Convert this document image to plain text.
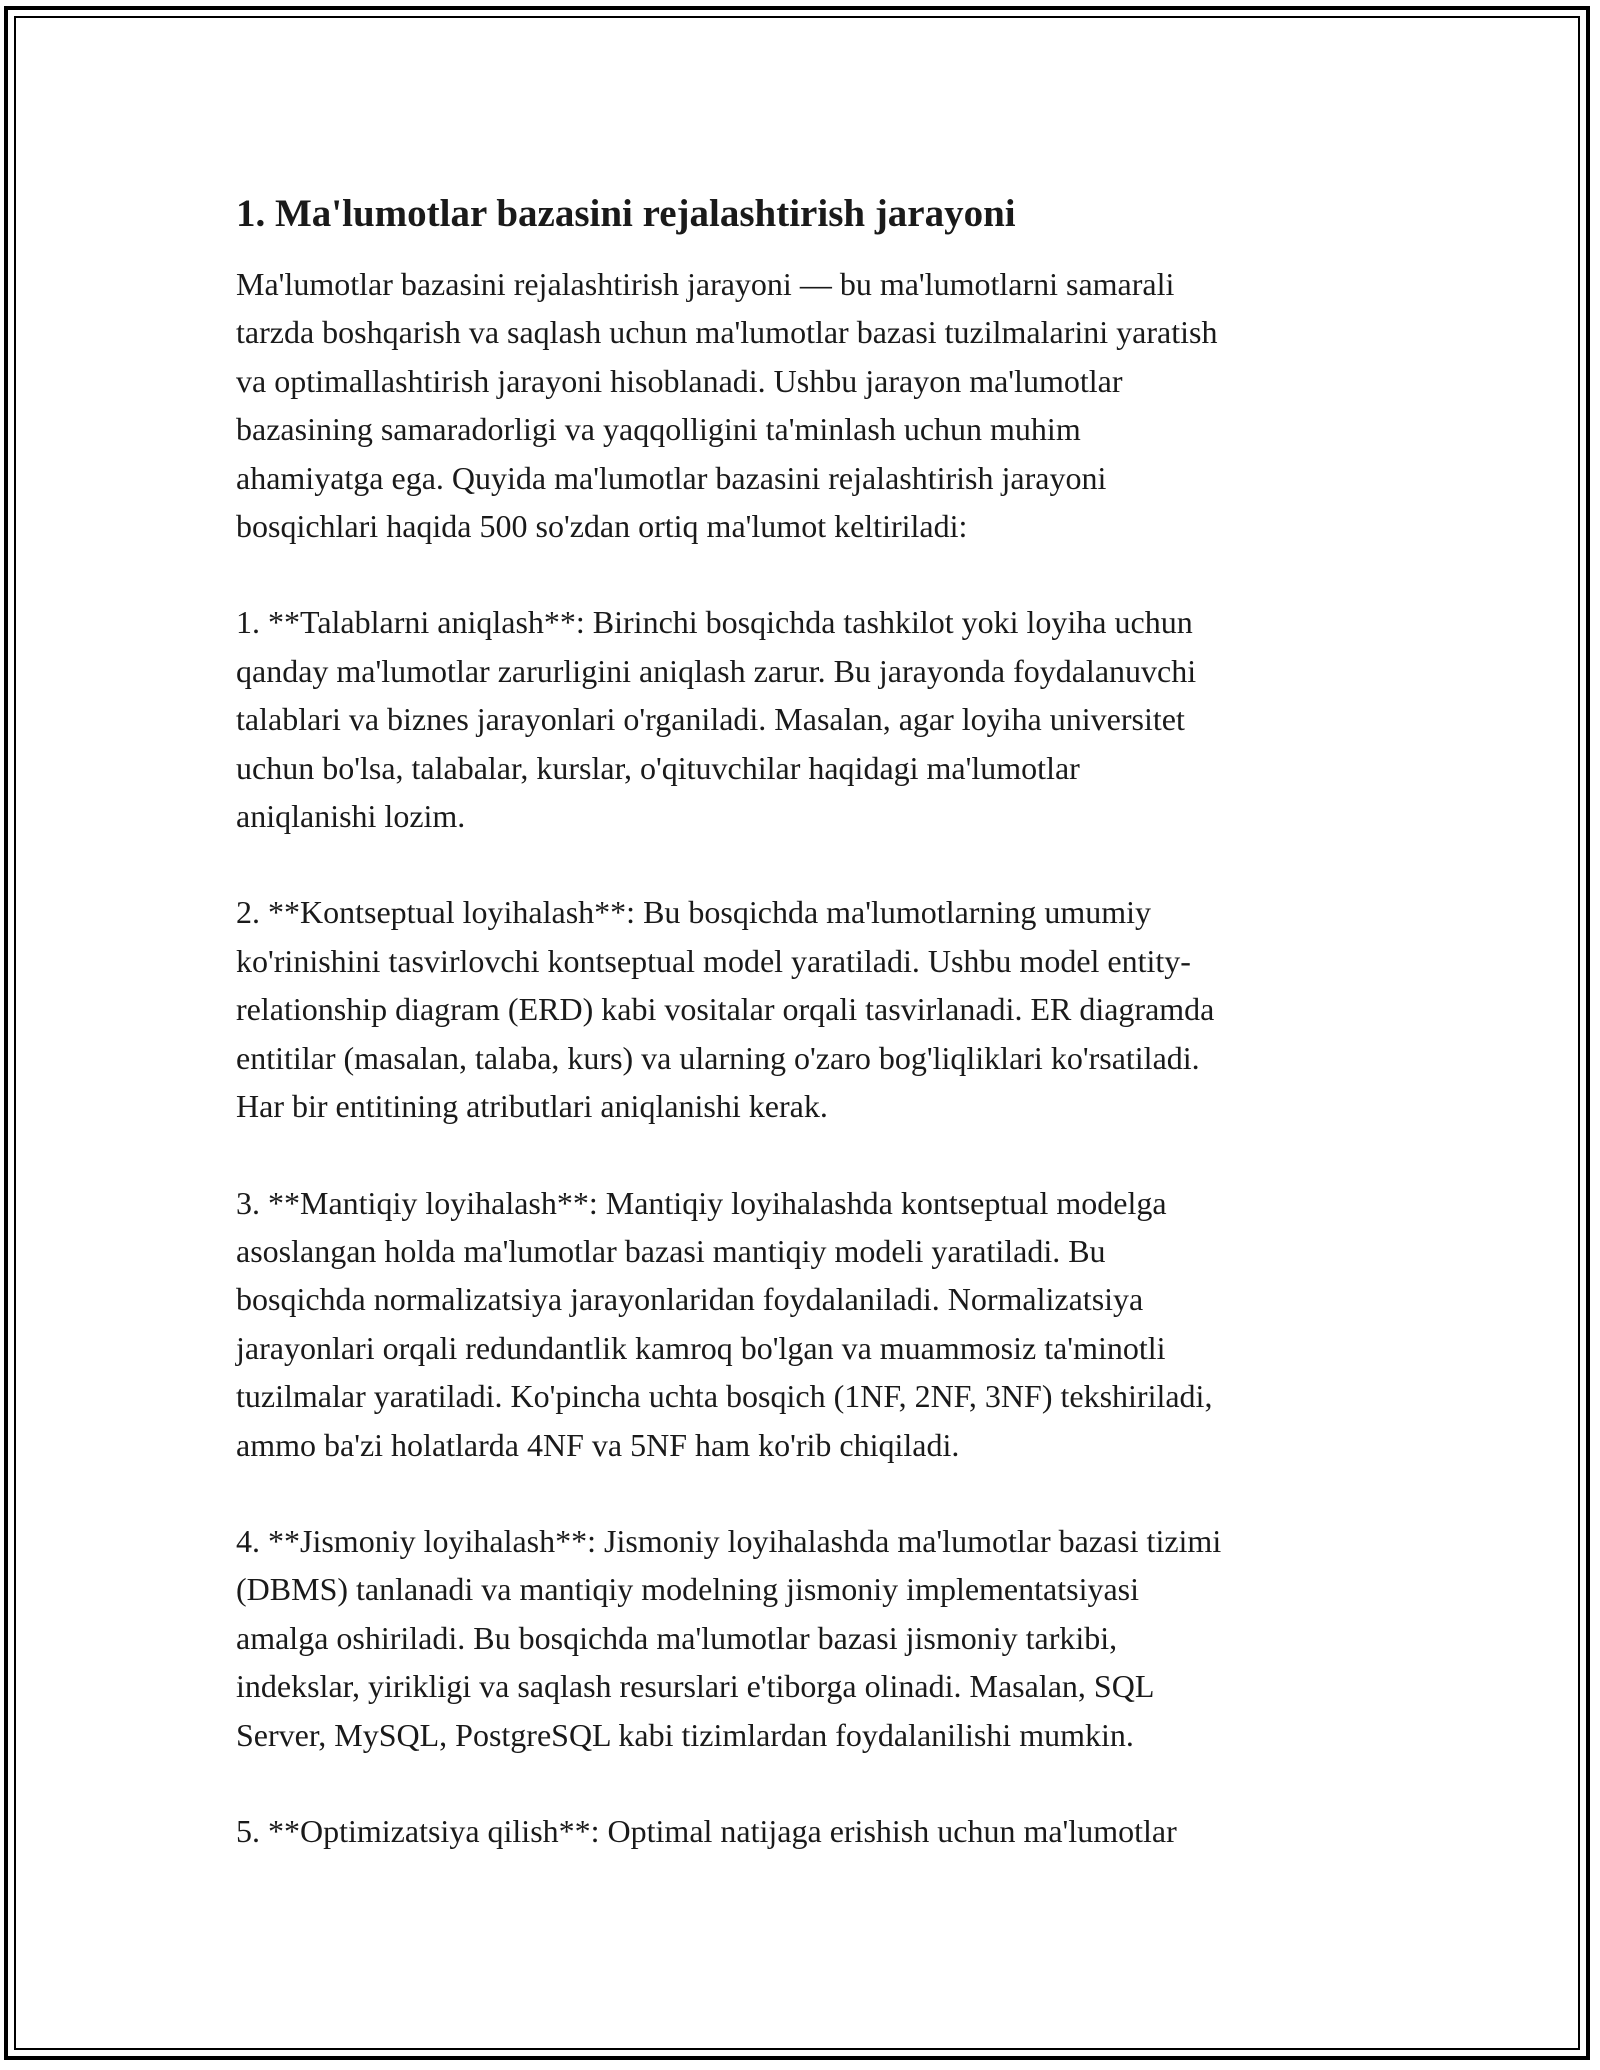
1. Ma'lumotlar bazasini rejalashtirish jarayoni
Ma'lumotlar bazasini rejalashtirish jarayoni — bu ma'lumotlarni samarali
tarzda boshqarish va saqlash uchun ma'lumotlar bazasi tuzilmalarini yaratish
va optimallashtirish jarayoni hisoblanadi. Ushbu jarayon ma'lumotlar
bazasining samaradorligi va yaqqolligini ta'minlash uchun muhim
ahamiyatga ega. Quyida ma'lumotlar bazasini rejalashtirish jarayoni
bosqichlari haqida 500 so'zdan ortiq ma'lumot keltiriladi:
1. **Talablarni aniqlash**: Birinchi bosqichda tashkilot yoki loyiha uchun
qanday ma'lumotlar zarurligini aniqlash zarur. Bu jarayonda foydalanuvchi
talablari va biznes jarayonlari o'rganiladi. Masalan, agar loyiha universitet
uchun bo'lsa, talabalar, kurslar, o'qituvchilar haqidagi ma'lumotlar
aniqlanishi lozim.
2. **Kontseptual loyihalash**: Bu bosqichda ma'lumotlarning umumiy
ko'rinishini tasvirlovchi kontseptual model yaratiladi. Ushbu model entity-
relationship diagram (ERD) kabi vositalar orqali tasvirlanadi. ER diagramda
entitilar (masalan, talaba, kurs) va ularning o'zaro bog'liqliklari ko'rsatiladi.
Har bir entitining atributlari aniqlanishi kerak.
3. **Mantiqiy loyihalash**: Mantiqiy loyihalashda kontseptual modelga
asoslangan holda ma'lumotlar bazasi mantiqiy modeli yaratiladi. Bu
bosqichda normalizatsiya jarayonlaridan foydalaniladi. Normalizatsiya
jarayonlari orqali redundantlik kamroq bo'lgan va muammosiz ta'minotli
tuzilmalar yaratiladi. Ko'pincha uchta bosqich (1NF, 2NF, 3NF) tekshiriladi,
ammo ba'zi holatlarda 4NF va 5NF ham ko'rib chiqiladi.
4. **Jismoniy loyihalash**: Jismoniy loyihalashda ma'lumotlar bazasi tizimi
(DBMS) tanlanadi va mantiqiy modelning jismoniy implementatsiyasi
amalga oshiriladi. Bu bosqichda ma'lumotlar bazasi jismoniy tarkibi,
indekslar, yirikligi va saqlash resurslari e'tiborga olinadi. Masalan, SQL
Server, MySQL, PostgreSQL kabi tizimlardan foydalanilishi mumkin.
5. **Optimizatsiya qilish**: Optimal natijaga erishish uchun ma'lumotlar
